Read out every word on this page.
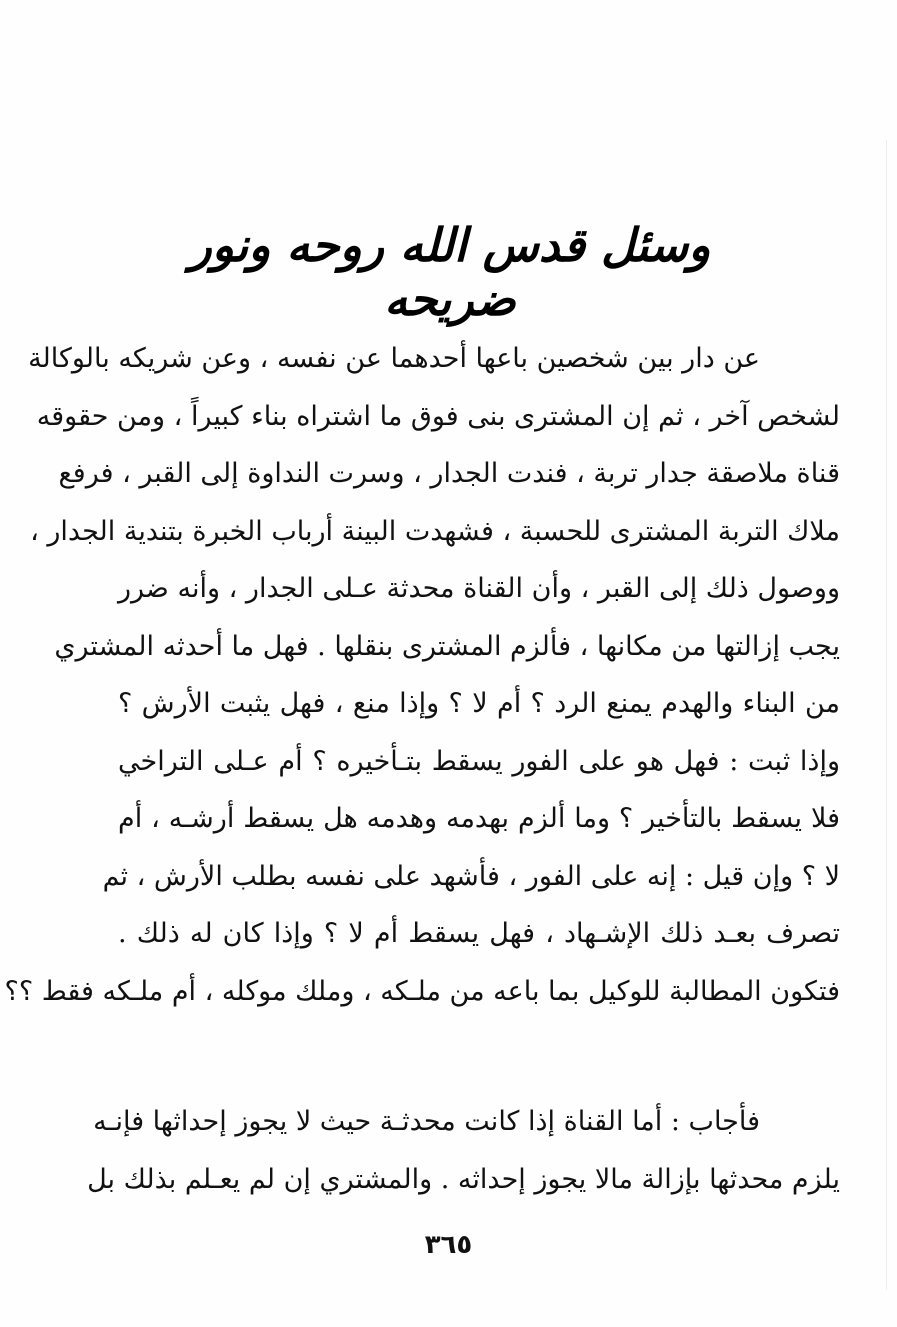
وسئل قدس الله روحه ونور ضريحه
عن دار بين شخصين باعها أحدهما عن نفسه ، وعن شريكه بالوكالة
لشخص آخر ، ثم إن المشترى بنى فوق ما اشتراه بناء كبيراً ، ومن حقوقه
قناة ملاصقة جدار تربة ، فندت الجدار ، وسرت النداوة إلى القبر ، فرفع
ملاك التربة المشترى للحسبة ، فشهدت البينة أرباب الخبرة بتندية الجدار ،
ووصول ذلك إلى القبر ، وأن القناة محدثة عـلى الجدار ، وأنه ضرر
يجب إزالتها من مكانها ، فألزم المشترى بنقلها . فهل ما أحدثه المشتري
من البناء والهدم يمنع الرد ؟ أم لا ؟ وإذا منع ، فهل يثبت الأرش ؟
وإذا ثبت : فهل هو على الفور يسقط بتـأخيره ؟ أم عـلى التراخي
فلا يسقط بالتأخير ؟ وما ألزم بهدمه وهدمه هل يسقط أرشـه ، أم
لا ؟ وإن قيل : إنه على الفور ، فأشهد على نفسه بطلب الأرش ، ثم
تصرف بعـد ذلك الإشـهاد ، فهل يسقط أم لا ؟ وإذا كان له ذلك .
فتكون المطالبة للوكيل بما باعه من ملـكه ، وملك موكله ، أم ملـكه فقط ؟؟
فأجاب : أما القناة إذا كانت محدثـة حيث لا يجوز إحداثها فإنـه
يلزم محدثها بإزالة مالا يجوز إحداثه . والمشتري إن لم يعـلم بذلك بل
٣٦٥
